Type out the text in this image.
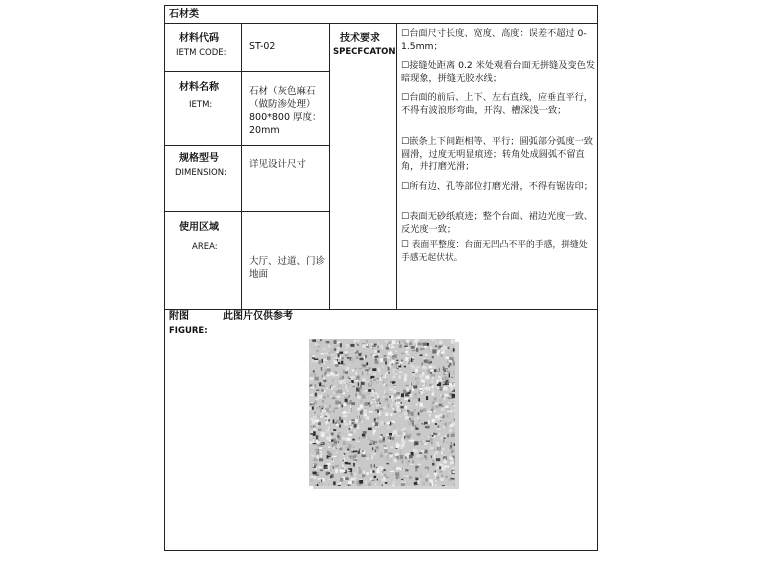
石材类
材料代码
IETM CODE:
ST-02
材料名称
IETM:
石材（灰色麻石（做防渗处理）800*800 厚度：20mm
规格型号
DIMENSION:
详见设计尺寸
使用区域
AREA:
大厅、过道、门诊地面
技术要求
SPECFCATON
☐台面尺寸长度、宽度、高度：误差不超过 0-1.5mm；
☐接缝处距离 0.2 米处观看台面无拼缝及变色发暗现象，拼缝无胶水线；
☐台面的前后、上下、左右直线，应垂直平行，不得有波浪形弯曲，开沟、槽深浅一致；
☐嵌条上下间距相等、平行；圆弧部分弧度一致圆滑，过度无明显痕迹；转角处成圆弧不留直角，并打磨光滑；
☐所有边、孔等部位打磨光滑，不得有锯齿印；
☐表面无砂纸痕迹；整个台面、裙边光度一致、反光度一致；
☐ 表面平整度：台面无凹凸不平的手感，拼缝处手感无起伏状。
附图	此图片仅供参考
FIGURE:
